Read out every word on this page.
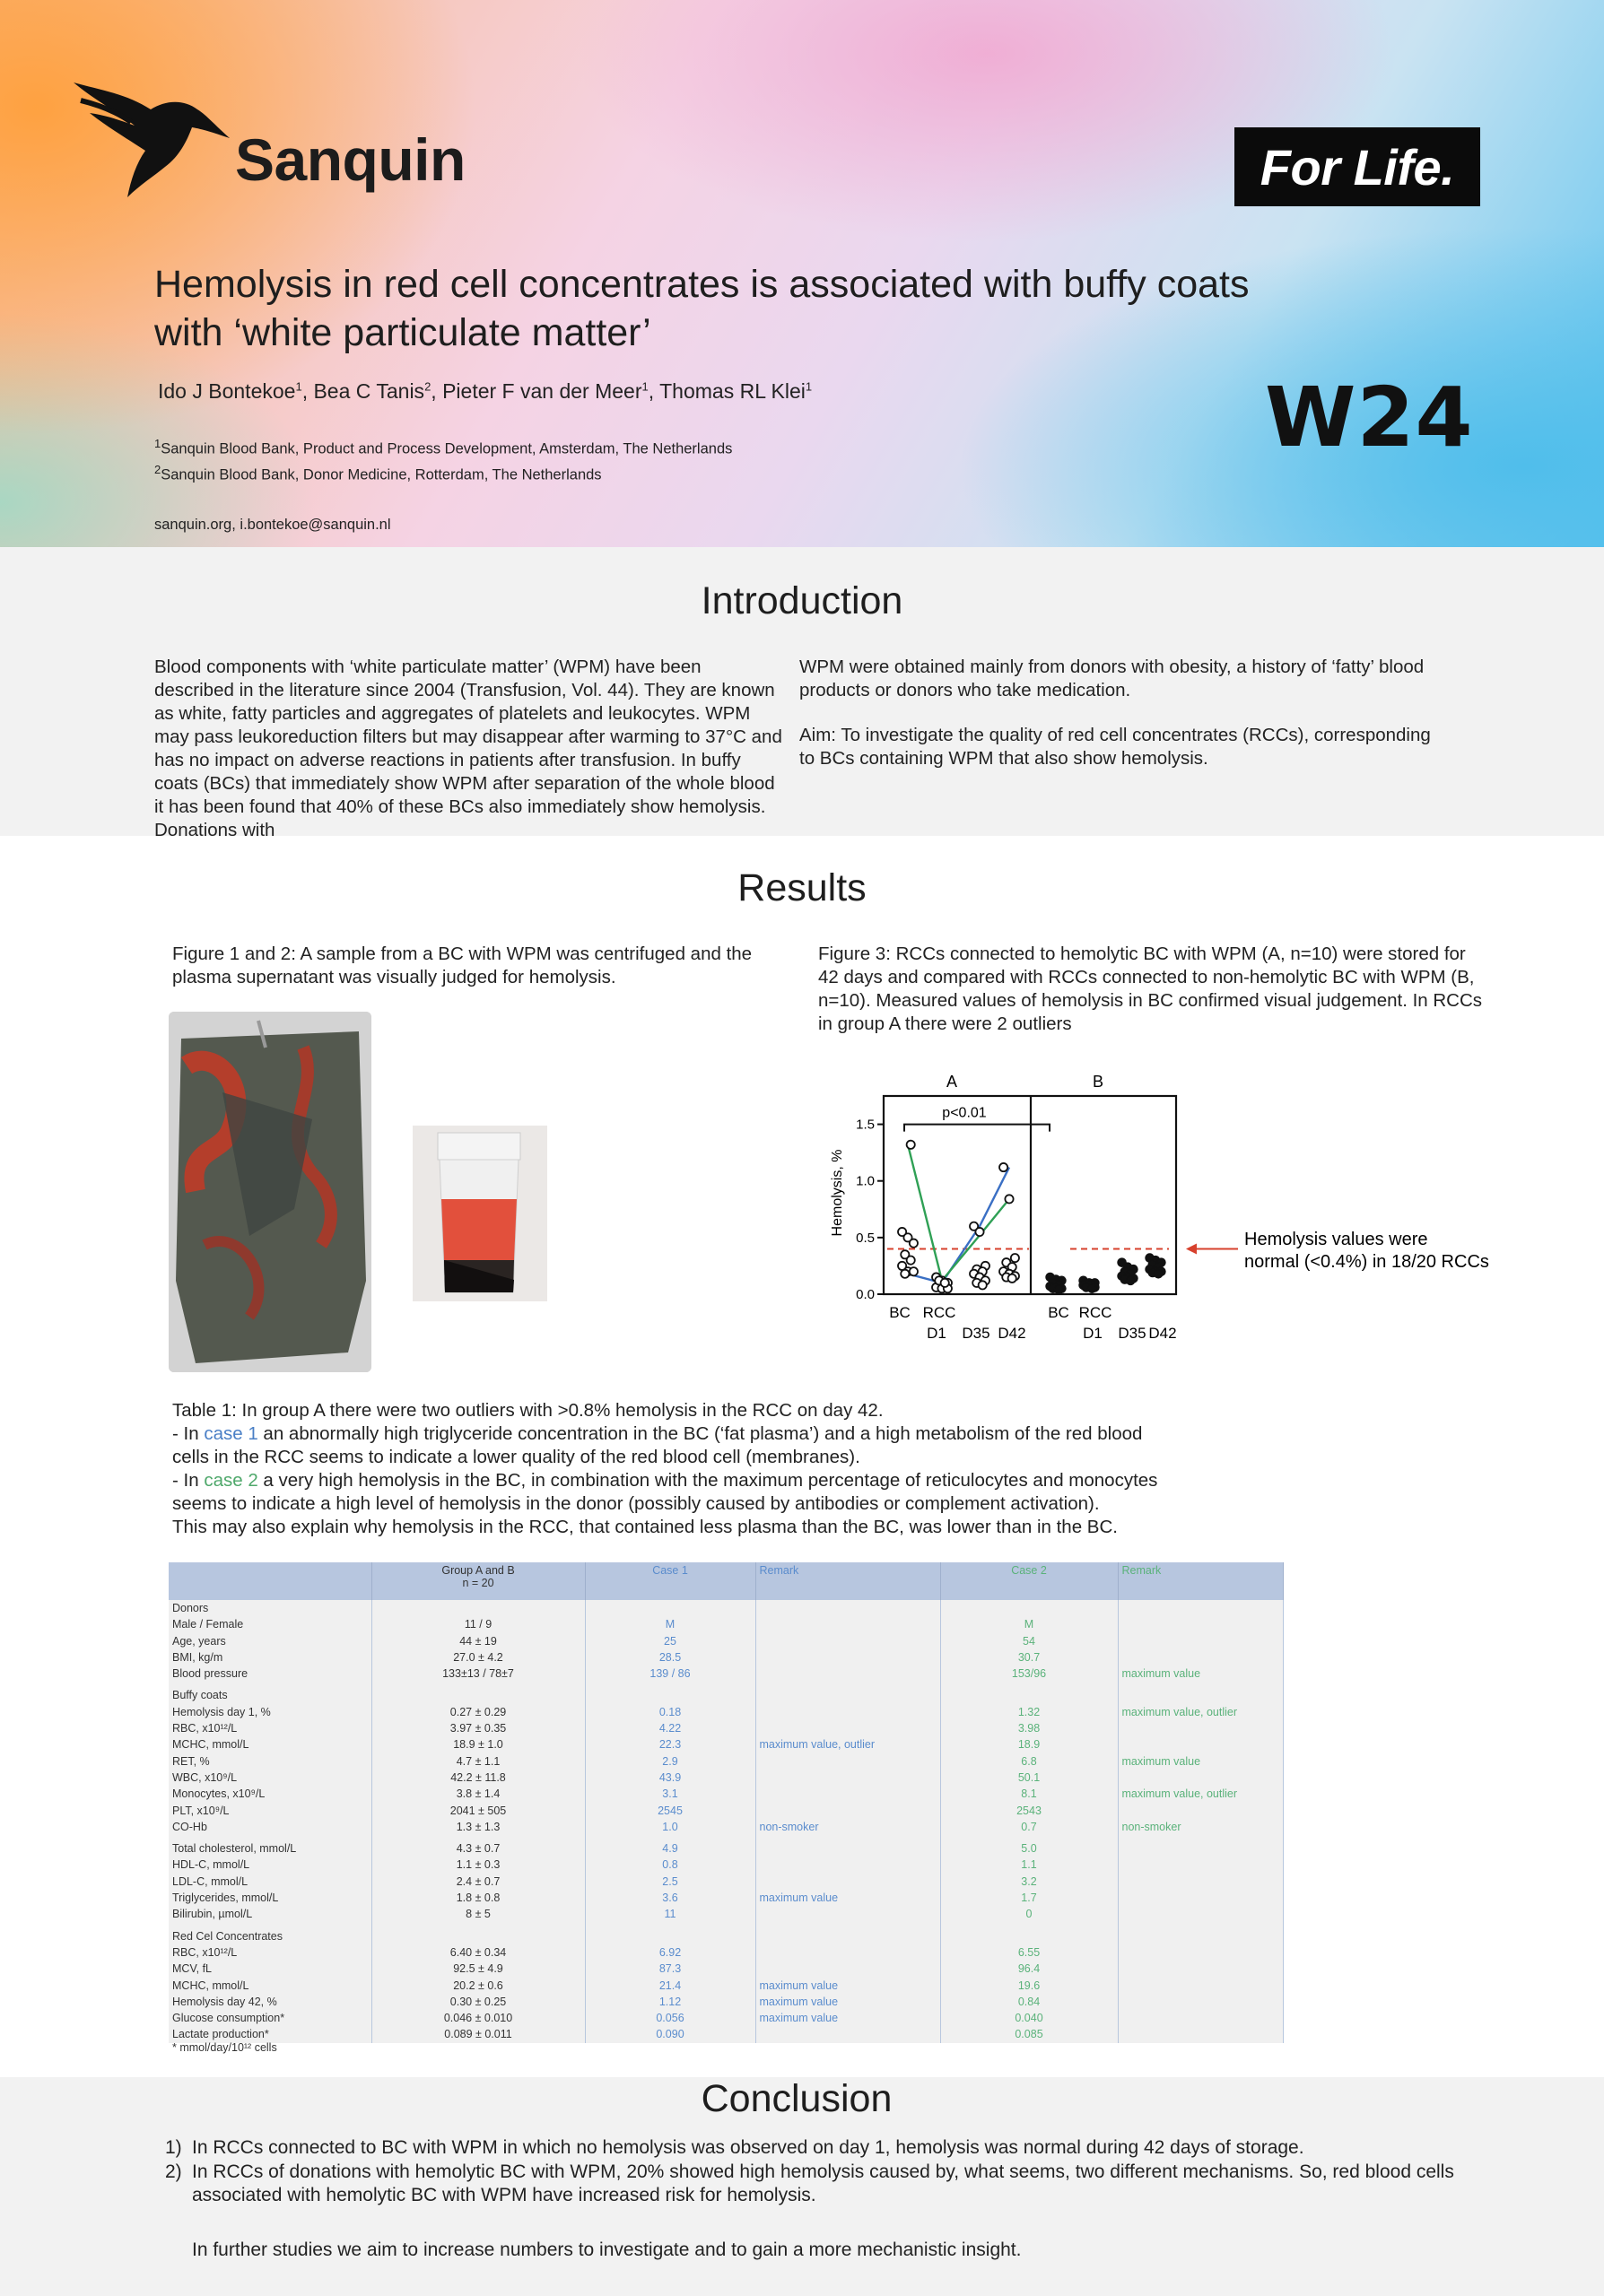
Sanquin	For Life.
Hemolysis in red cell concentrates is associated with buffy coats
with ‘white particulate matter’
Ido J Bontekoe$^1$, Bea C Tanis$^2$, Pieter F van der Meer$^1$, Thomas RL Klei$^1$
$^1$Sanquin Blood Bank, Product and Process Development, Amsterdam, The Netherlands
$^2$Sanquin Blood Bank, Donor Medicine, Rotterdam, The Netherlands
sanquin.org, i.bontekoe@sanquin.nl
W24
Introduction
Blood components with ‘white particulate matter’ (WPM) have been described in the literature since 2004 (Transfusion, Vol. 44). They are known as white, fatty particles and aggregates of platelets and leukocytes. WPM may pass leukoreduction filters but may disappear after warming to 37°C and has no impact on adverse reactions in patients after transfusion. In buffy coats (BCs) that immediately show WPM after separation of the whole blood it has been found that 40% of these BCs also immediately show hemolysis. Donations with
WPM were obtained mainly from donors with obesity, a history of ‘fatty’ blood products or donors who take medication.
Aim: To investigate the quality of red cell concentrates (RCCs), corresponding to BCs containing WPM that also show hemolysis.
Results
Figure 1 and 2: A sample from a BC with WPM was centrifuged and the plasma supernatant was visually judged for hemolysis.
Figure 3: RCCs connected to hemolytic BC with WPM (A, n=10) were stored for 42 days and compared with RCCs connected to non-hemolytic BC with WPM (B, n=10). Measured values of hemolysis in BC confirmed visual judgement. In RCCs in group A there were 2 outliers
A	B
Hemolysis, %
Hemolysis values were normal (<0.4%) in 18/20 RCCs
0.0
0.5
1.0
1.5
p<0.01
BC RCC
D1 D35 D42
BC RCC
D1 D35 D42
Table 1: In group A there were two outliers with >0.8% hemolysis in the RCC on day 42.
- In case 1 an abnormally high triglyceride concentration in the BC (‘fat plasma’) and a high metabolism of the red blood cells in the RCC seems to indicate a lower quality of the red blood cell (membranes).
- In case 2 a very high hemolysis in the BC, in combination with the maximum percentage of reticulocytes and monocytes seems to indicate a high level of hemolysis in the donor (possibly caused by antibodies or complement activation).
This may also explain why hemolysis in the RCC, that contained less plasma than the BC, was lower than in the BC.
	Group A and B
n = 20	Case 1	Remark	Case 2	Remark
Donors					
Male / Female	11 / 9	M		M	
Age, years	44 ± 19	25		54	
BMI, kg/m	27.0 ± 4.2	28.5		30.7	
Blood pressure	133±13 / 78±7	139 / 86		153/96	maximum value

Buffy coats					
Hemolysis day 1, %	0.27 ± 0.29	0.18		1.32	maximum value, outlier
RBC, x10¹²/L	3.97 ± 0.35	4.22		3.98	
MCHC, mmol/L	18.9 ± 1.0	22.3	maximum value, outlier	18.9	
RET, %	4.7 ± 1.1	2.9		6.8	maximum value
WBC, x10⁹/L	42.2 ± 11.8	43.9		50.1	
Monocytes, x10⁹/L	3.8 ± 1.4	3.1		8.1	maximum value, outlier
PLT, x10⁹/L	2041 ± 505	2545		2543	
CO-Hb	1.3 ± 1.3	1.0	non-smoker	0.7	non-smoker

Total cholesterol, mmol/L	4.3 ± 0.7	4.9		5.0	
HDL-C, mmol/L	1.1 ± 0.3	0.8		1.1	
LDL-C, mmol/L	2.4 ± 0.7	2.5		3.2	
Triglycerides, mmol/L	1.8 ± 0.8	3.6	maximum value	1.7	
Bilirubin, µmol/L	8 ± 5	11		0	

Red Cel Concentrates					
RBC, x10¹²/L	6.40 ± 0.34	6.92		6.55	
MCV, fL	92.5 ± 4.9	87.3		96.4	
MCHC, mmol/L	20.2 ± 0.6	21.4	maximum value	19.6	
Hemolysis day 42, %	0.30 ± 0.25	1.12	maximum value	0.84	
Glucose consumption*	0.046 ± 0.010	0.056	maximum value	0.040	
Lactate production*	0.089 ± 0.011	0.090		0.085	
* mmol/day/10¹² cells
Conclusion
1) In RCCs connected to BC with WPM in which no hemolysis was observed on day 1, hemolysis was normal during 42 days of storage.
2) In RCCs of donations with hemolytic BC with WPM, 20% showed high hemolysis caused by, what seems, two different mechanisms. So, red blood cells associated with hemolytic BC with WPM have increased risk for hemolysis.
In further studies we aim to increase numbers to investigate and to gain a more mechanistic insight.
